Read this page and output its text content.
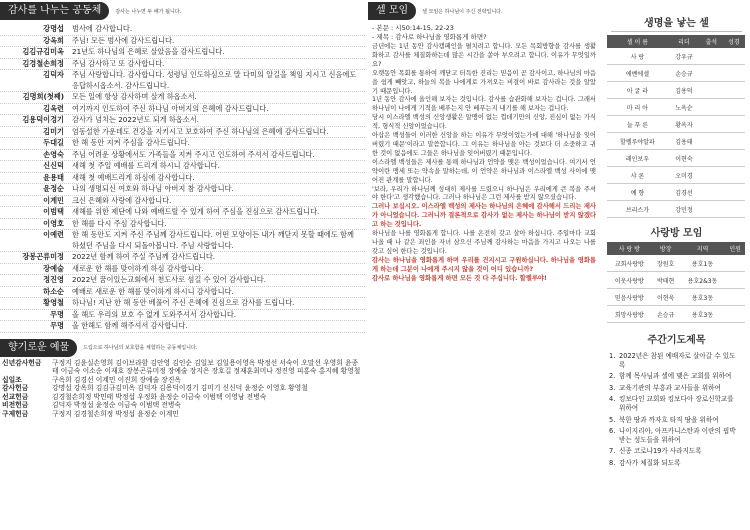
감사를 나누는 공동체	감사는 나누면 두 배가 됩니다.
강명섭	범사에 감사합니다.
강옥희	주님! 모든 범사에 감사드립니다.
김김규김미옥	21년도 하나님의 은혜로 살았음을 감사드립니다.
김경철손희정	주님 감사하고 또 감사합니다.
김덕자	주님 사랑합니다. 감사합니다. 성령님 인도하심으로 말 다미의 알길을 책임 지시고 신음에도 응답하시옵소서. 감사드립니다.
김명희(첫째)	모든 일에 항상 감사하며 살게 하옵소서.
김옥련	여기까지 인도하여 주신 하나님 아버지의 은혜에 감사드립니다.
김용덕이경기	감사가 넘치는 2022년도 되게 하옵소서.
김미기	엄동설한 가운데도 건강을 지키시고 보호하여 주신 하나님의 은혜에 감사드립니다.
두대길	한 해 동안 지켜 주심을 감사드립니다.
손영숙	주님 어려운 상황에서도 가족들을 지켜 주시고 인도하여 주셔서 감사드립니다.
신신덕	새해 첫 주일 예배를 드리게 하시니 감사합니다.
윤용태	새해 첫 예배드리게 하심에 감사합니다.
윤정순	나의 생명되신 여호와 하나님 아버지 참 감사합니다.
이계민	크신 은혜와 사랑에 감사합니다.
이범택	새해를 위한 제단에 나와 예배드릴 수 있게 하여 주심을 진심으로 감사드립니다.
이영호	한 해를 다시 주심 감사합니다.
이예련	한 해 동안도 지켜 주신 주님께 감사드립니다. 어떤 모양이든 내가 깨닫지 못할 때에도 함께 하셨던 주님을 다시 되돌아봅니다. 주님 사랑합니다.
장봉곤류미정	2022년 함께 하여 주실 주님께 감사드립니다.
장예술	새로운 한 해를 맞이하게 하심 감사합니다.
정진영	2022년 꿈이있는교회에서 천도사로 섬길 수 있어 감사합니다.
하소순	예배로 새로운 한 해를 맞이하게 하시니 감사합니다.
황영철	하나님! 지난 한 해 동안 베풀어 주신 은혜에 진심으로 감사를 드립니다.
무명	올 해도 우리의 보호 수 없게 도와주셔서 감사합니다.
무명	올 한해도 함께 해주셔서 감사합니다.
향기로운 예물	드림으로 하나님의 보호함을 체험하는 공동체입니다.
신년감사헌금	구정지 김윤실손영희 김이브라함 김안영 김인순 김일보 김일용이영옥 박정선 서숙이 오말선 우영희 윤종태 이금숙 이소순 이재호 장봉곤류미정 장예술 장지은 장호길 정재훈최미나 정진영 피홍숙 홍지혜 황영철
십일조	구옥희 김경선 이계민 이진희 장예술 장진옥
감사헌금	강명섭 강옥희 김김규김미옥 김덕자 김용덕이경기 김미기 신신덕 윤정순 이영호 황영철
선교헌금	김경철손희정 박민태 박정섭 우정화 윤정순 이금숙 이범택 이영남 전병숙
비전헌금	김덕자 박정섭 윤정순 이금숙 이범택 전병숙
구제헌금	구정지 김경철손희정 박정섭 윤정순 이계민
셀 모임	셀 모임은 하나님이 주신 전략입니다.
- 본문 : 시50:14-15, 22-23
- 제목 : 감사로 하나님을 영화롭게 하면?

금년에는 1년 동안 감사캠페인을 펼치려고 합니다. 모든 목회방향을 감사를 생활화하고 감사를 체질화하는데 많은 시간을 쏟아 부으려고 합니다. 이유가 무엇일까요?

오랫동안 목회를 통하여 깨닫고 터득한 진리는 믿음이 곧 감사이고, 하나님의 마음을 쉽게 빼앗고, 하늘의 복을 나에게로 가져오는 비결이 바로 감사라는 것을 알았기 때문입니다.

1년 동안 감사에 올인해 보자는 것입니다. 감사를 습관화해 보자는 겁니다. 그래서 하나님이 나에게 기적을 베푸는지 안 베푸는지 내기를 해 보자는 겁니다.

당시 이스라엘 백성의 신앙생활은 알맹이 없는 껍데기만의 신앙, 진심이 없는 가식적, 형식적 신앙이었습니다.

아삽은 백성들이 이러한 신앙을 하는 이유가 무엇이었는가에 대해 '하나님을 잊어버렸기 때문'이라고 말씀합니다. 그 이유는 하나님을 아는 것보다 더 소중하고 귀한 것이 없음에도 그들은 하나님을 잊어버렸기 때문입니다.

이스라엘 백성들은 제사를 통해 하나님과 언약을 맺은 백성이었습니다. 여기서 언약이란 맹세 또는 약속을 말하는데, 이 언약은 하나님과 이스라엘 백성 사이에 맺어진 관계를 말합니다.

'보라, 우리가 하나님께 성대히 제사를 드렸으니 하나님은 우리에게 큰 복을 주셔야 한다'고 생각했습니다. 그러나 하나님은 그런 제사를 받지 않으셨습니다.

그러나 보십시오. 이스라엘 백성의 제사는 하나님의 은혜에 감사해서 드리는 제사가 아니었습니다. 그러니까 결론적으로 감사가 없는 제사는 하나님이 받지 않겠다고 하는 것입니다.

하나님을 나를 영화롭게 합니다. 나를 온전히 갖고 살아 하십니다. 주일마다 교회 나올 때 나 같은 죄인을 자녀 삼으신 주님께 감사하는 마음을 가지고 나오는 나를 갖고 싶어 한다는 것입니다.

감사는 하나님을 영화롭게 하며 우리를 건지시고 구원하십니다. 하나님을 영화롭게 하는데 그분이 나에게 주시지 않을 것이 어디 있습니까?

감사로 하나님을 영화롭게 하면 모든 것 다 주십니다. 할렐루야!

생명을 낳는 셀
셀 이 름	리더	출석	성경
사 랑	강우규		
에벤에셀	손승규		
아 굴 라	김용덕		
마 리 아	노옥순		
늘 푸 른	황옥자		
할렐루야알파	김용태		
레인보우	이현숙		
샤 론	오미경		
예 향	김경선		
브리스가	강민정		
사랑방 모임
사 랑 방	방장	지역	인원
교회사랑방	장원호	용호1동	
이웃사랑방	박태현	용호2&3동	
믿음사랑방	이현욱	용호3동	
희망사랑방	손승규	용호3동	
주간기도제목
1. 2022년은 참된 예배자로 살아갈 수 있도록
2. 함께 목사님과 셀에 맺은 교회를 위하여
3. 교육기관의 부흥과 교사들을 위하여
4. 킹보다인 교회와 킹보다아 장로신학교를 위하여
5. 북한 땅과 까자흐 타직 땅을 위하여
6. 나이지리아, 아프카니스탄과 이란의 핍박받는 성도들을 위하여
7. 신종 코로나19가 사라지도록
8. 감사가 체질화 되도록
